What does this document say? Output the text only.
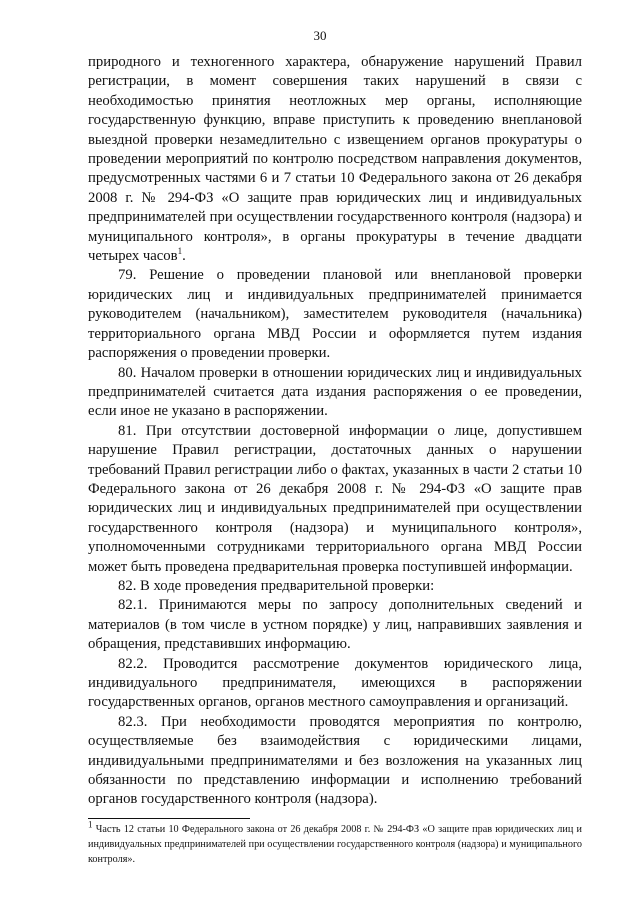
30

природного и техногенного характера, обнаружение нарушений Правил регистрации, в момент совершения таких нарушений в связи с необходимостью принятия неотложных мер органы, исполняющие государственную функцию, вправе приступить к проведению внеплановой выездной проверки незамедлительно с извещением органов прокуратуры о проведении мероприятий по контролю посредством направления документов, предусмотренных частями 6 и 7 статьи 10 Федерального закона от 26 декабря 2008 г. № 294-ФЗ «О защите прав юридических лиц и индивидуальных предпринимателей при осуществлении государственного контроля (надзора) и муниципального контроля», в органы прокуратуры в течение двадцати четырех часов$^1$.

79. Решение о проведении плановой или внеплановой проверки юридических лиц и индивидуальных предпринимателей принимается руководителем (начальником), заместителем руководителя (начальника) территориального органа МВД России и оформляется путем издания распоряжения о проведении проверки.

80. Началом проверки в отношении юридических лиц и индивидуальных предпринимателей считается дата издания распоряжения о ее проведении, если иное не указано в распоряжении.

81. При отсутствии достоверной информации о лице, допустившем нарушение Правил регистрации, достаточных данных о нарушении требований Правил регистрации либо о фактах, указанных в части 2 статьи 10 Федерального закона от 26 декабря 2008 г. № 294-ФЗ «О защите прав юридических лиц и индивидуальных предпринимателей при осуществлении государственного контроля (надзора) и муниципального контроля», уполномоченными сотрудниками территориального органа МВД России может быть проведена предварительная проверка поступившей информации.

82. В ходе проведения предварительной проверки:

82.1. Принимаются меры по запросу дополнительных сведений и материалов (в том числе в устном порядке) у лиц, направивших заявления и обращения, представивших информацию.

82.2. Проводится рассмотрение документов юридического лица, индивидуального предпринимателя, имеющихся в распоряжении государственных органов, органов местного самоуправления и организаций.

82.3. При необходимости проводятся мероприятия по контролю, осуществляемые без взаимодействия с юридическими лицами, индивидуальными предпринимателями и без возложения на указанных лиц обязанности по представлению информации и исполнению требований органов государственного контроля (надзора).

$^1$ Часть 12 статьи 10 Федерального закона от 26 декабря 2008 г. № 294-ФЗ «О защите прав юридических лиц и индивидуальных предпринимателей при осуществлении государственного контроля (надзора) и муниципального контроля».
